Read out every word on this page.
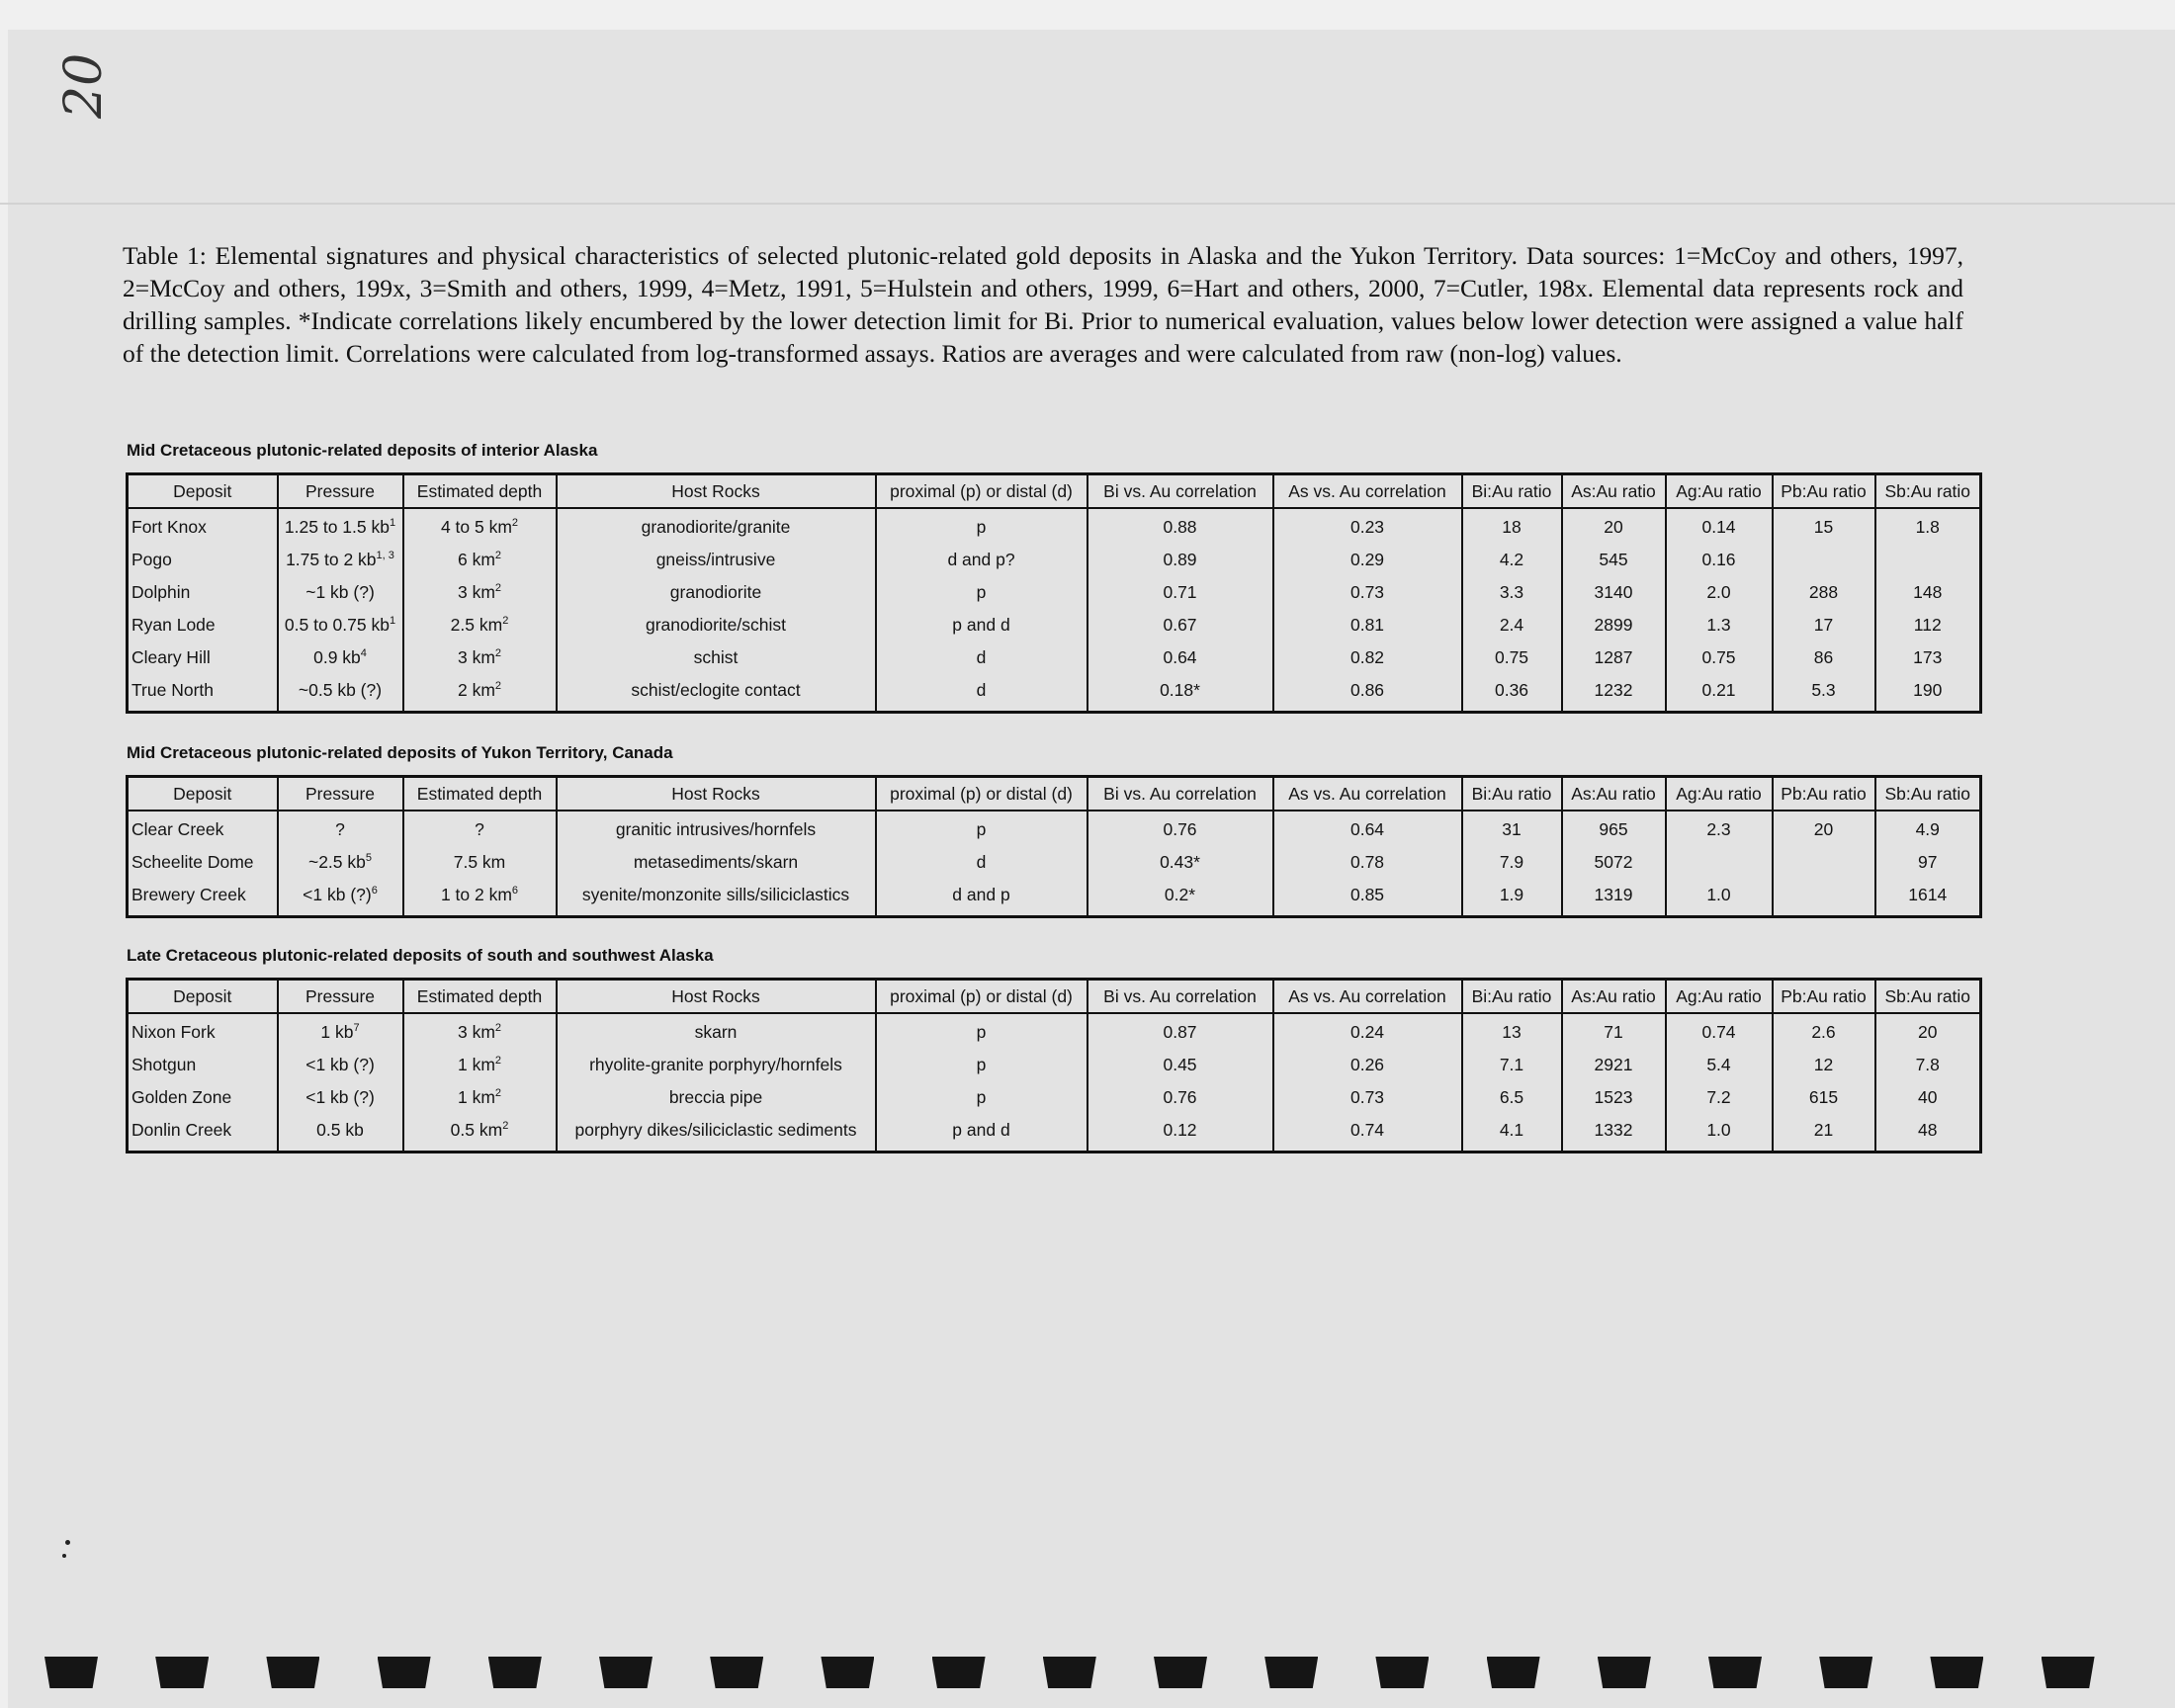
20
Table 1: Elemental signatures and physical characteristics of selected plutonic-related gold deposits in Alaska and the Yukon Territory. Data sources: 1=McCoy and others, 1997, 2=McCoy and others, 199x, 3=Smith and others, 1999, 4=Metz, 1991, 5=Hulstein and others, 1999, 6=Hart and others, 2000, 7=Cutler, 198x. Elemental data represents rock and drilling samples. *Indicate correlations likely encumbered by the lower detection limit for Bi. Prior to numerical evaluation, values below lower detection were assigned a value half of the detection limit. Correlations were calculated from log-transformed assays. Ratios are averages and were calculated from raw (non-log) values.
Mid Cretaceous plutonic-related deposits of interior Alaska
Deposit	Pressure	Estimated depth	Host Rocks	proximal (p) or distal (d)	Bi vs. Au correlation	As vs. Au correlation	Bi:Au ratio	As:Au ratio	Ag:Au ratio	Pb:Au ratio	Sb:Au ratio
Fort Knox	1.25 to 1.5 $kb^1$	4 to 5 $km^2$	granodiorite/granite	p	0.88	0.23	18	20	0.14	15	1.8
Pogo	1.75 to 2 kb$^{1, 3}$	6 $km^2$	gneiss/intrusive	d and p?	0.89	0.29	4.2	545	0.16		
Dolphin	~1 kb (?)	3 $km^2$	granodiorite	p	0.71	0.73	3.3	3140	2.0	288	148
Ryan Lode	0.5 to 0.75 $kb^1$	2.5 $km^2$	granodiorite/schist	p and d	0.67	0.81	2.4	2899	1.3	17	112
Cleary Hill	0.9 $kb^4$	3 $km^2$	schist	d	0.64	0.82	0.75	1287	0.75	86	173
True North	~0.5 kb (?)	2 $km^2$	schist/eclogite contact	d	0.18*	0.86	0.36	1232	0.21	5.3	190
Mid Cretaceous plutonic-related deposits of Yukon Territory, Canada
Deposit	Pressure	Estimated depth	Host Rocks	proximal (p) or distal (d)	Bi vs. Au correlation	As vs. Au correlation	Bi:Au ratio	As:Au ratio	Ag:Au ratio	Pb:Au ratio	Sb:Au ratio
Clear Creek	?	?	granitic intrusives/hornfels	p	0.76	0.64	31	965	2.3	20	4.9
Scheelite Dome	~2.5 $kb^5$	7.5 km	metasediments/skarn	d	0.43*	0.78	7.9	5072			97
Brewery Creek	<1 kb (?)$^6$	1 to 2 $km^6$	syenite/monzonite sills/siliciclastics	d and p	0.2*	0.85	1.9	1319	1.0		1614
Late Cretaceous plutonic-related deposits of south and southwest Alaska
Deposit	Pressure	Estimated depth	Host Rocks	proximal (p) or distal (d)	Bi vs. Au correlation	As vs. Au correlation	Bi:Au ratio	As:Au ratio	Ag:Au ratio	Pb:Au ratio	Sb:Au ratio
Nixon Fork	1 $kb^7$	3 $km^2$	skarn	p	0.87	0.24	13	71	0.74	2.6	20
Shotgun	<1 kb (?)	1 $km^2$	rhyolite-granite porphyry/hornfels	p	0.45	0.26	7.1	2921	5.4	12	7.8
Golden Zone	<1 kb (?)	1 $km^2$	breccia pipe	p	0.76	0.73	6.5	1523	7.2	615	40
Donlin Creek	0.5 kb	0.5 $km^2$	porphyry dikes/siliciclastic sediments	p and d	0.12	0.74	4.1	1332	1.0	21	48
